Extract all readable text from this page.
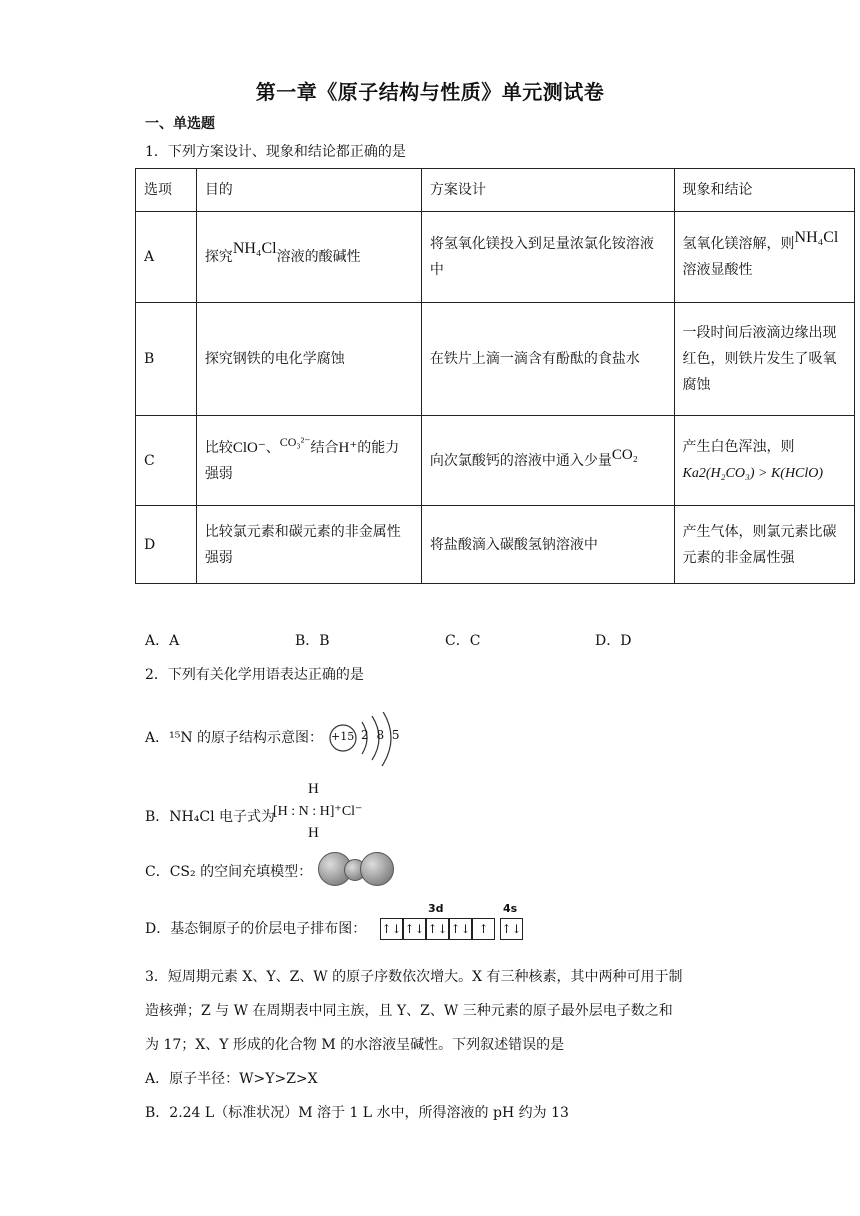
第一章《原子结构与性质》单元测试卷
一、单选题
1．下列方案设计、现象和结论都正确的是
选项	目的	方案设计	现象和结论
A	探究NH₄Cl溶液的酸碱性	将氢氧化镁投入到足量浓氯化铵溶液中	氢氧化镁溶解，则NH₄Cl
溶液显酸性
B	探究钢铁的电化学腐蚀	在铁片上滴一滴含有酚酞的食盐水	一段时间后液滴边缘出现红色，则铁片发生了吸氧腐蚀
C	比较ClO⁻、CO₃²⁻结合H⁺的能力强弱	向次氯酸钙的溶液中通入少量CO₂	产生白色浑浊，则
Ka2(H₂CO₃) > K(HClO)
D	比较氯元素和碳元素的非金属性强弱	将盐酸滴入碳酸氢钠溶液中	产生气体，则氯元素比碳元素的非金属性强
A．A	B．B	C．C	D．D
2．下列有关化学用语表达正确的是
A．¹⁵N 的原子结构示意图： +15 2 8 5
B．NH₄Cl 电子式为
H
[H : N : H]⁺Cl⁻
H
C．CS₂ 的空间充填模型：
D．基态铜原子的价层电子排布图：
3d	4s
↑↓ ↑↓ ↑↓ ↑↓ ↑	↑↓
3．短周期元素 X、Y、Z、W 的原子序数依次增大。X 有三种核素，其中两种可用于制
造核弹；Z 与 W 在周期表中同主族，且 Y、Z、W 三种元素的原子最外层电子数之和
为 17；X、Y 形成的化合物 M 的水溶液呈碱性。下列叙述错误的是
A．原子半径：W>Y>Z>X
B．2.24 L（标准状况）M 溶于 1 L 水中，所得溶液的 pH 约为 13
